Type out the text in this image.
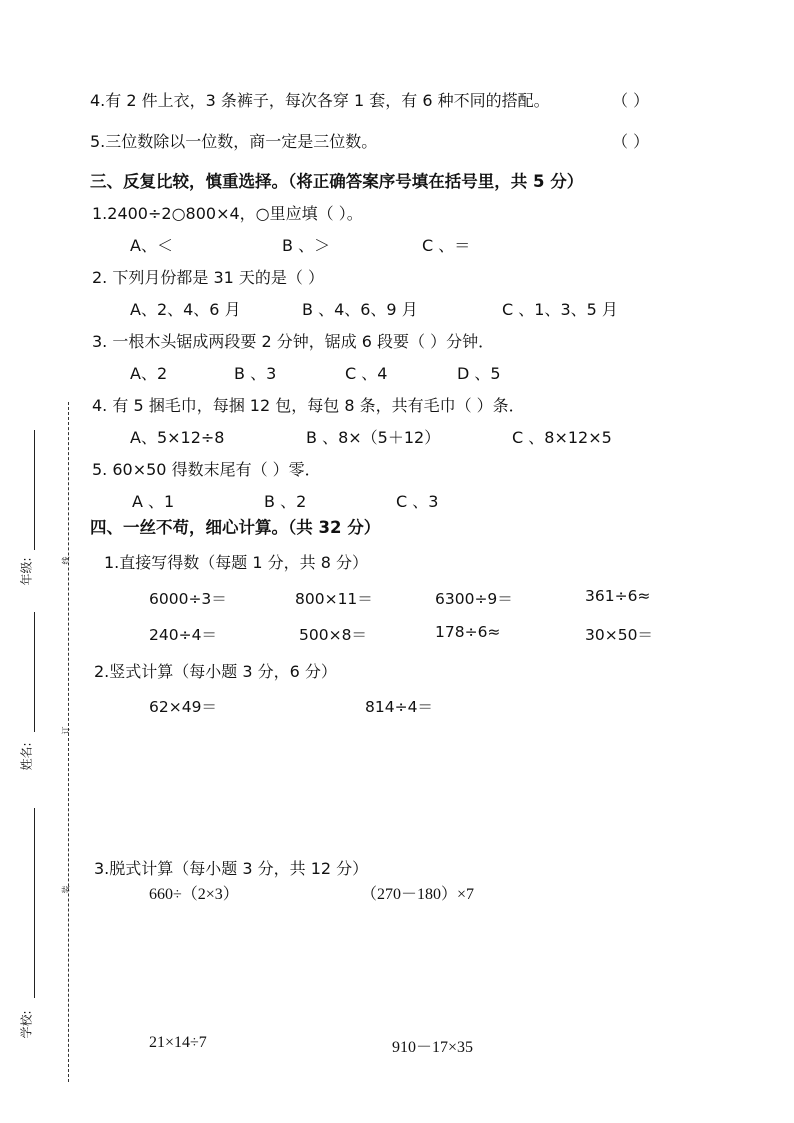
4.有 2 件上衣，3 条裤子，每次各穿 1 套，有 6 种不同的搭配。	（ ）
5.三位数除以一位数，商一定是三位数。	（ ）
三、反复比较，慎重选择。（将正确答案序号填在括号里，共 5 分）
1.2400÷2○800×4，○里应填（ ）。
A、＜	B 、＞	C 、＝
2. 下列月份都是 31 天的是（ ）
A、2、4、6 月	B 、4、6、9 月	C 、1、3、5 月
3. 一根木头锯成两段要 2 分钟，锯成 6 段要（ ）分钟．
A、2	B 、3	C 、4	D 、5
4. 有 5 捆毛巾，每捆 12 包，每包 8 条，共有毛巾（ ）条．
A、5×12÷8	B 、8×（5＋12）	C 、8×12×5
5. 60×50 得数末尾有（ ）零．
A 、1	B 、2	C 、3
四、一丝不苟，细心计算。（共 32 分）
1.直接写得数（每题 1 分，共 8 分）
6000÷3＝	800×11＝	6300÷9＝	361÷6≈
240÷4＝	500×8＝	178÷6≈	30×50＝
2.竖式计算（每小题 3 分，6 分）
62×49＝	814÷4＝
3.脱式计算（每小题 3 分，共 12 分）
660÷（2×3）	（270－180）×7
21×14÷7	910－17×35
年级:
姓名:
学校:
线
订
装
